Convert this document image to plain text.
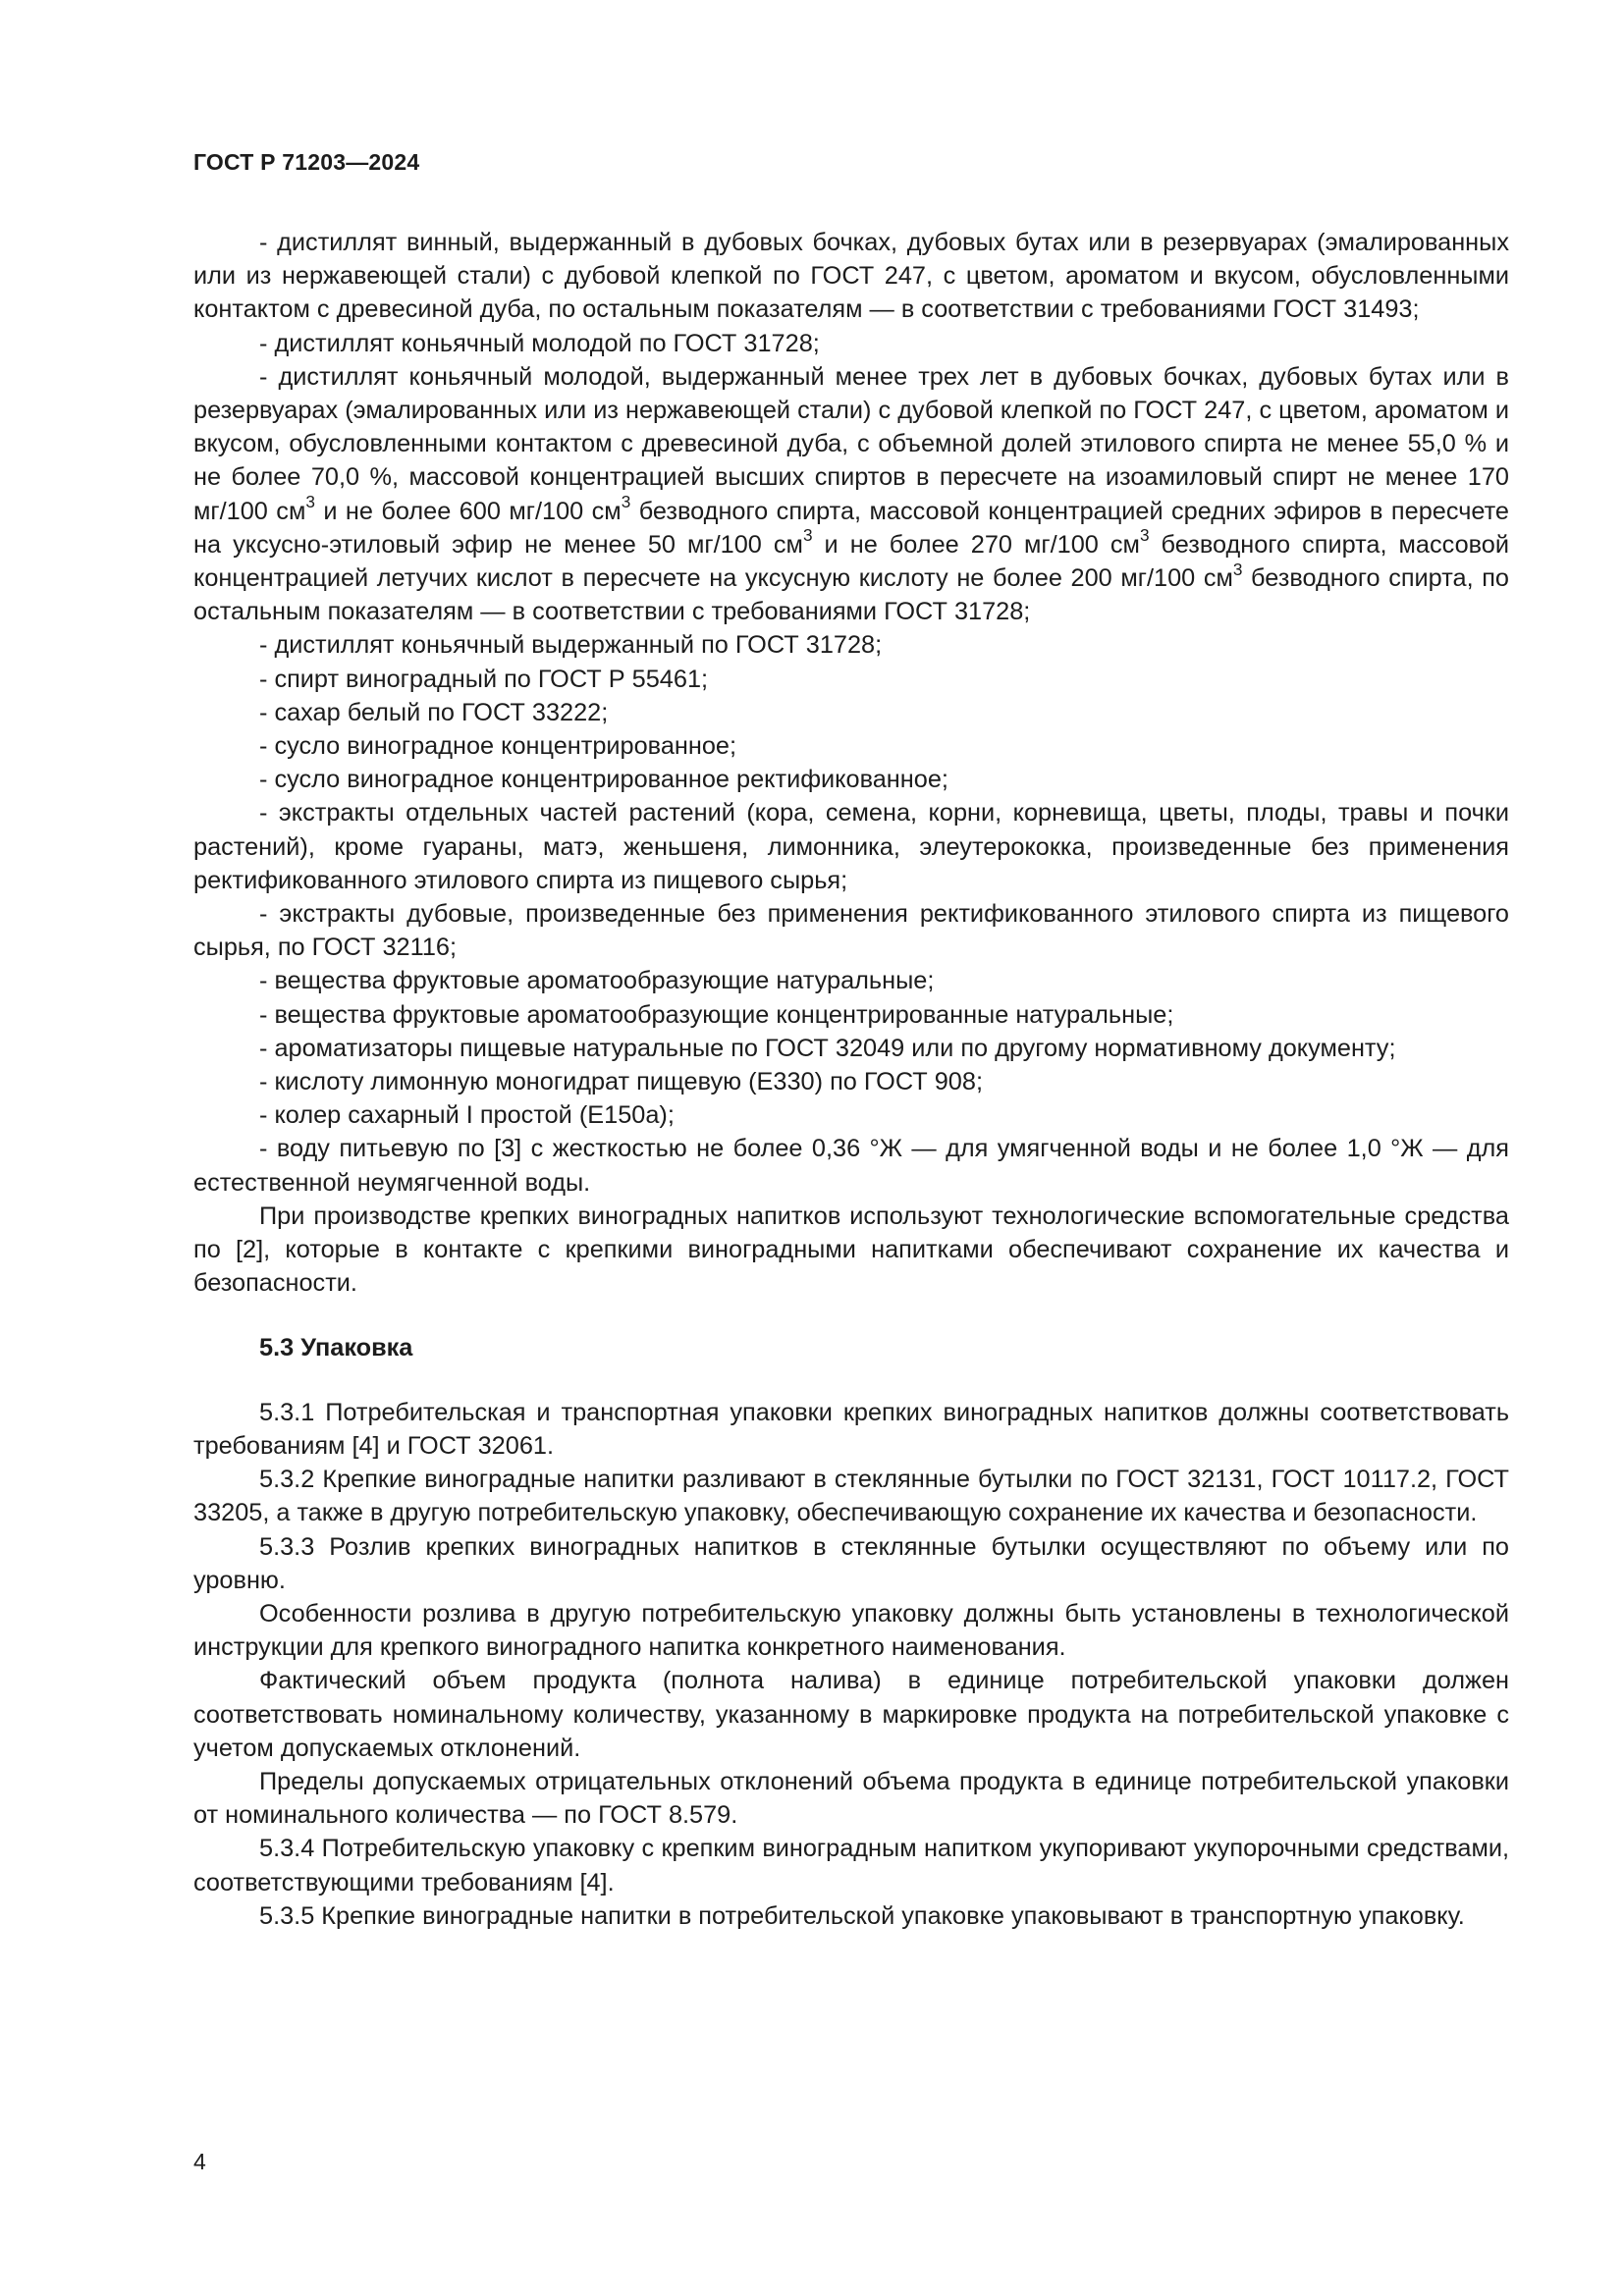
ГОСТ Р 71203—2024

- дистиллят винный, выдержанный в дубовых бочках, дубовых бутах или в резервуарах (эмалированных или из нержавеющей стали) с дубовой клепкой по ГОСТ 247, с цветом, ароматом и вкусом, обусловленными контактом с древесиной дуба, по остальным показателям — в соответствии с требованиями ГОСТ 31493;

- дистиллят коньячный молодой по ГОСТ 31728;

- дистиллят коньячный молодой, выдержанный менее трех лет в дубовых бочках, дубовых бутах или в резервуарах (эмалированных или из нержавеющей стали) с дубовой клепкой по ГОСТ 247, с цветом, ароматом и вкусом, обусловленными контактом с древесиной дуба, с объемной долей этилового спирта не менее 55,0 % и не более 70,0 %, массовой концентрацией высших спиртов в пересчете на изоамиловый спирт не менее 170 мг/100 $см^3$ и не более 600 мг/100 $см^3$ безводного спирта, массовой концентрацией средних эфиров в пересчете на уксусно-этиловый эфир не менее 50 мг/100 $см^3$ и не более 270 мг/100 $см^3$ безводного спирта, массовой концентрацией летучих кислот в пересчете на уксусную кислоту не более 200 мг/100 $см^3$ безводного спирта, по остальным показателям — в соответствии с требованиями ГОСТ 31728;

- дистиллят коньячный выдержанный по ГОСТ 31728;

- спирт виноградный по ГОСТ Р 55461;

- сахар белый по ГОСТ 33222;

- сусло виноградное концентрированное;

- сусло виноградное концентрированное ректификованное;

- экстракты отдельных частей растений (кора, семена, корни, корневища, цветы, плоды, травы и почки растений), кроме гуараны, матэ, женьшеня, лимонника, элеутерококка, произведенные без применения ректификованного этилового спирта из пищевого сырья;

- экстракты дубовые, произведенные без применения ректификованного этилового спирта из пищевого сырья, по ГОСТ 32116;

- вещества фруктовые ароматообразующие натуральные;

- вещества фруктовые ароматообразующие концентрированные натуральные;

- ароматизаторы пищевые натуральные по ГОСТ 32049 или по другому нормативному документу;

- кислоту лимонную моногидрат пищевую (Е330) по ГОСТ 908;

- колер сахарный I простой (Е150а);

- воду питьевую по [3] с жесткостью не более 0,36 °Ж — для умягченной воды и не более 1,0 °Ж — для естественной неумягченной воды.

При производстве крепких виноградных напитков используют технологические вспомогательные средства по [2], которые в контакте с крепкими виноградными напитками обеспечивают сохранение их качества и безопасности.

5.3 Упаковка

5.3.1 Потребительская и транспортная упаковки крепких виноградных напитков должны соответствовать требованиям [4] и ГОСТ 32061.

5.3.2 Крепкие виноградные напитки разливают в стеклянные бутылки по ГОСТ 32131, ГОСТ 10117.2, ГОСТ 33205, а также в другую потребительскую упаковку, обеспечивающую сохранение их качества и безопасности.

5.3.3 Розлив крепких виноградных напитков в стеклянные бутылки осуществляют по объему или по уровню.

Особенности розлива в другую потребительскую упаковку должны быть установлены в технологической инструкции для крепкого виноградного напитка конкретного наименования.

Фактический объем продукта (полнота налива) в единице потребительской упаковки должен соответствовать номинальному количеству, указанному в маркировке продукта на потребительской упаковке с учетом допускаемых отклонений.

Пределы допускаемых отрицательных отклонений объема продукта в единице потребительской упаковки от номинального количества — по ГОСТ 8.579.

5.3.4 Потребительскую упаковку с крепким виноградным напитком укупоривают укупорочными средствами, соответствующими требованиям [4].

5.3.5 Крепкие виноградные напитки в потребительской упаковке упаковывают в транспортную упаковку.

4
